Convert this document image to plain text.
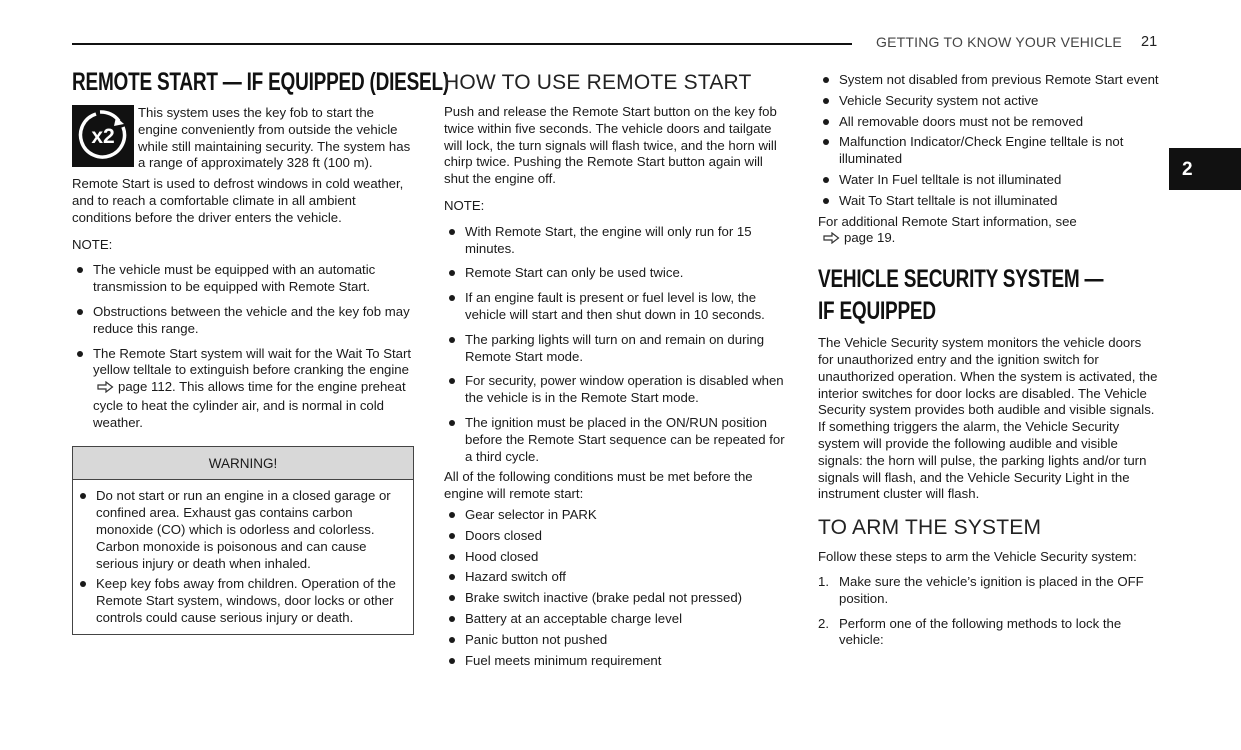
GETTING TO KNOW YOUR VEHICLE 21
2
REMOTE START — IF EQUIPPED (DIESEL)
x2
This system uses the key fob to start the engine conveniently from outside the vehicle while still maintaining security. The system has a range of approximately 328 ft (100 m).

Remote Start is used to defrost windows in cold weather, and to reach a comfortable climate in all ambient conditions before the driver enters the vehicle.

NOTE:

The vehicle must be equipped with an automatic transmission to be equipped with Remote Start.
Obstructions between the vehicle and the key fob may reduce this range.
The Remote Start system will wait for the Wait To Start yellow telltale to extinguish before cranking the enginepage 112. This allows time for the engine preheat cycle to heat the cylinder air, and is normal in cold weather.
WARNING!
Do not start or run an engine in a closed garage or confined area. Exhaust gas contains carbon monoxide (CO) which is odorless and colorless. Carbon monoxide is poisonous and can cause serious injury or death when inhaled.
Keep key fobs away from children. Operation of the Remote Start system, windows, door locks or other controls could cause serious injury or death.
HOW TO USE REMOTE START

Push and release the Remote Start button on the key fob twice within five seconds. The vehicle doors and tailgate will lock, the turn signals will flash twice, and the horn will chirp twice. Pushing the Remote Start button again will shut the engine off.

NOTE:

With Remote Start, the engine will only run for 15 minutes.
Remote Start can only be used twice.
If an engine fault is present or fuel level is low, the vehicle will start and then shut down in 10 seconds.
The parking lights will turn on and remain on during Remote Start mode.
For security, power window operation is disabled when the vehicle is in the Remote Start mode.
The ignition must be placed in the ON/RUN position before the Remote Start sequence can be repeated for a third cycle.

All of the following conditions must be met before the engine will remote start:

Gear selector in PARK
Doors closed
Hood closed
Hazard switch off
Brake switch inactive (brake pedal not pressed)
Battery at an acceptable charge level
Panic button not pushed
Fuel meets minimum requirement
System not disabled from previous Remote Start event
Vehicle Security system not active
All removable doors must not be removed
Malfunction Indicator/Check Engine telltale is not illuminated
Water In Fuel telltale is not illuminated
Wait To Start telltale is not illuminated

For additional Remote Start information, see
page 19.

VEHICLE SECURITY SYSTEM —
IF EQUIPPED

The Vehicle Security system monitors the vehicle doors for unauthorized entry and the ignition switch for unauthorized operation. When the system is activated, the interior switches for door locks are disabled. The Vehicle Security system provides both audible and visible signals. If something triggers the alarm, the Vehicle Security system will provide the following audible and visible signals: the horn will pulse, the parking lights and/or turn signals will flash, and the Vehicle Security Light in the instrument cluster will flash.

TO ARM THE SYSTEM

Follow these steps to arm the Vehicle Security system:

1. Make sure the vehicle’s ignition is placed in the OFF position.
2. Perform one of the following methods to lock the vehicle:
